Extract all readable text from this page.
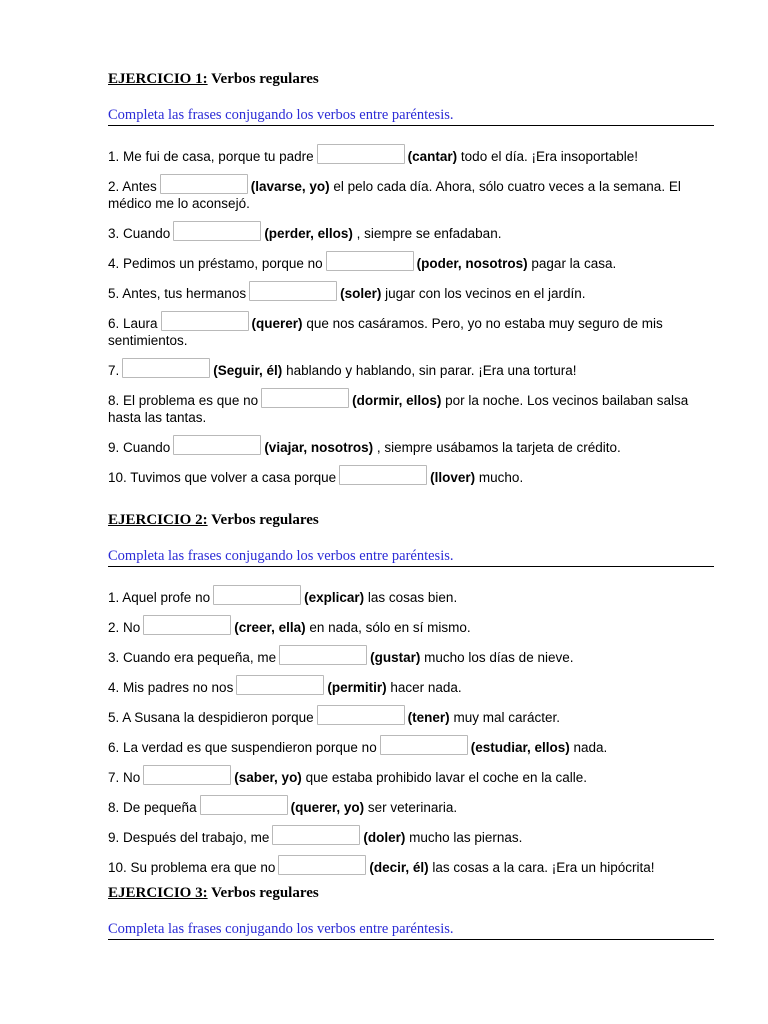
EJERCICIO 1: Verbos regulares
Completa las frases conjugando los verbos entre paréntesis.
1. Me fui de casa, porque tu padre	(cantar) todo el día. ¡Era insoportable!
2. Antes	(lavarse, yo) el pelo cada día. Ahora, sólo cuatro veces a la semana. El médico me lo aconsejó.
3. Cuando	(perder, ellos) , siempre se enfadaban.
4. Pedimos un préstamo, porque no	(poder, nosotros) pagar la casa.
5. Antes, tus hermanos	(soler) jugar con los vecinos en el jardín.
6. Laura	(querer) que nos casáramos. Pero, yo no estaba muy seguro de mis sentimientos.
7.	(Seguir, él) hablando y hablando, sin parar. ¡Era una tortura!
8. El problema es que no	(dormir, ellos) por la noche. Los vecinos bailaban salsa hasta las tantas.
9. Cuando	(viajar, nosotros) , siempre usábamos la tarjeta de crédito.
10. Tuvimos que volver a casa porque	(llover) mucho.
EJERCICIO 2: Verbos regulares
Completa las frases conjugando los verbos entre paréntesis.
1. Aquel profe no	(explicar) las cosas bien.
2. No	(creer, ella) en nada, sólo en sí mismo.
3. Cuando era pequeña, me	(gustar) mucho los días de nieve.
4. Mis padres no nos	(permitir) hacer nada.
5. A Susana la despidieron porque	(tener) muy mal carácter.
6. La verdad es que suspendieron porque no	(estudiar, ellos) nada.
7. No	(saber, yo) que estaba prohibido lavar el coche en la calle.
8. De pequeña	(querer, yo) ser veterinaria.
9. Después del trabajo, me	(doler) mucho las piernas.
10. Su problema era que no	(decir, él) las cosas a la cara. ¡Era un hipócrita!
EJERCICIO 3: Verbos regulares
Completa las frases conjugando los verbos entre paréntesis.
